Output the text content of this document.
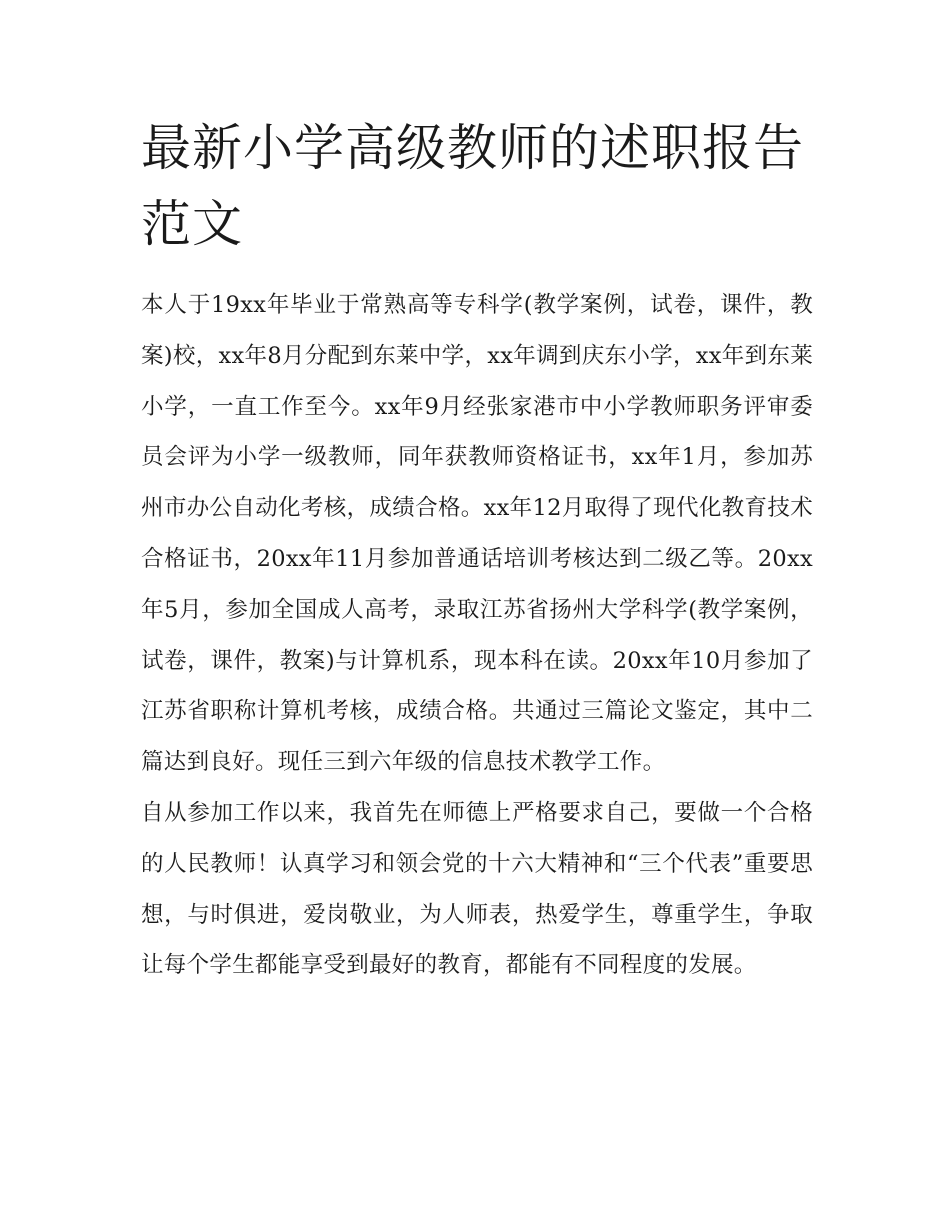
最新小学高级教师的述职报告范文

本人于19xx年毕业于常熟高等专科学(教学案例，试卷，课件，教案)校，xx年8月分配到东莱中学，xx年调到庆东小学，xx年到东莱小学，一直工作至今。xx年9月经张家港市中小学教师职务评审委员会评为小学一级教师，同年获教师资格证书，xx年1月，参加苏州市办公自动化考核，成绩合格。xx年12月取得了现代化教育技术合格证书，20xx年11月参加普通话培训考核达到二级乙等。20xx年5月，参加全国成人高考，录取江苏省扬州大学科学(教学案例，试卷，课件，教案)与计算机系，现本科在读。20xx年10月参加了江苏省职称计算机考核，成绩合格。共通过三篇论文鉴定，其中二篇达到良好。现任三到六年级的信息技术教学工作。

自从参加工作以来，我首先在师德上严格要求自己，要做一个合格的人民教师！认真学习和领会党的十六大精神和“三个代表”重要思想，与时俱进，爱岗敬业，为人师表，热爱学生，尊重学生，争取让每个学生都能享受到最好的教育，都能有不同程度的发展。
